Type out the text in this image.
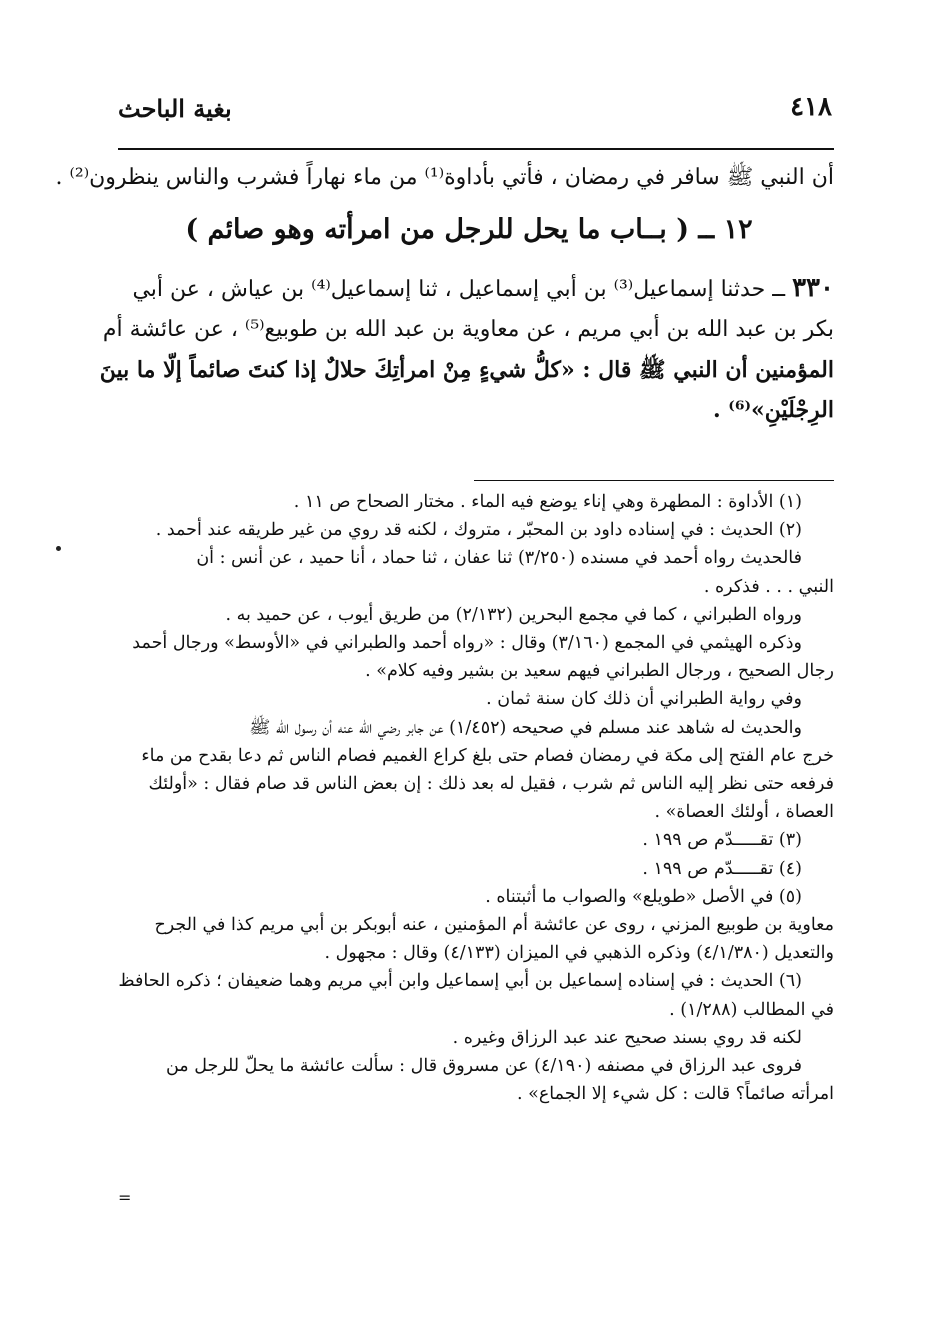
٤١٨
بغية الباحث
أن النبي ﷺ سافر في رمضان ، فأتي بأداوة⁽¹⁾ من ماء نهاراً فشرب والناس ينظرون⁽²⁾ .
١٢ ــ ( بــاب ما يحل للرجل من امرأته وهو صائم )
٣٣٠ ــ حدثنا إسماعيل⁽³⁾ بن أبي إسماعيل ، ثنا إسماعيل⁽⁴⁾ بن عياش ، عن أبي
بكر بن عبد الله بن أبي مريم ، عن معاوية بن عبد الله بن طوبيع⁽⁵⁾ ، عن عائشة أم
المؤمنين أن النبي ﷺ قال : «كلُّ شيءٍ مِنْ امرأتِكَ حلالٌ إذا كنتَ صائماً إلّا ما بينَ
الرِجْلَيْنِ»⁽⁶⁾ .
(١) الأداوة : المطهرة وهي إناء يوضع فيه الماء . مختار الصحاح ص ١١ .
(٢) الحديث : في إسناده داود بن المحبّر ، متروك ، لكنه قد روي من غير طريقه عند أحمد .
فالحديث رواه أحمد في مسنده (٣/٢٥٠) ثنا عفان ، ثنا حماد ، أنا حميد ، عن أنس : أن
النبي . . . فذكره .
ورواه الطبراني ، كما في مجمع البحرين (٢/١٣٢) من طريق أيوب ، عن حميد به .
وذكره الهيثمي في المجمع (٣/١٦٠) وقال : «رواه أحمد والطبراني في «الأوسط» ورجال أحمد
رجال الصحيح ، ورجال الطبراني فيهم سعيد بن بشير وفيه كلام» .
وفي رواية الطبراني أن ذلك كان سنة ثمان .
والحديث له شاهد عند مسلم في صحيحه (١/٤٥٢) عن جابر رضي الله عنه أن رسول الله ﷺ
خرج عام الفتح إلى مكة في رمضان فصام حتى بلغ كراع الغميم فصام الناس ثم دعا بقدح من ماء
فرفعه حتى نظر إليه الناس ثم شرب ، فقيل له بعد ذلك : إن بعض الناس قد صام فقال : «أولئك
العصاة ، أولئك العصاة» .
(٣) تقـــــدّم ص ١٩٩ .
(٤) تقـــــدّم ص ١٩٩ .
(٥) في الأصل «طويلع» والصواب ما أثبتناه .
معاوية بن طوبيع المزني ، روى عن عائشة أم المؤمنين ، عنه أبوبكر بن أبي مريم كذا في الجرح
والتعديل (٤/١/٣٨٠) وذكره الذهبي في الميزان (٤/١٣٣) وقال : مجهول .
(٦) الحديث : في إسناده إسماعيل بن أبي إسماعيل وابن أبي مريم وهما ضعيفان ؛ ذكره الحافظ
في المطالب (١/٢٨٨) .
لكنه قد روي بسند صحيح عند عبد الرزاق وغيره .
فروى عبد الرزاق في مصنفه (٤/١٩٠) عن مسروق قال : سألت عائشة ما يحلّ للرجل من
امرأته صائماً؟ قالت : كل شيء إلا الجماع» .
=
